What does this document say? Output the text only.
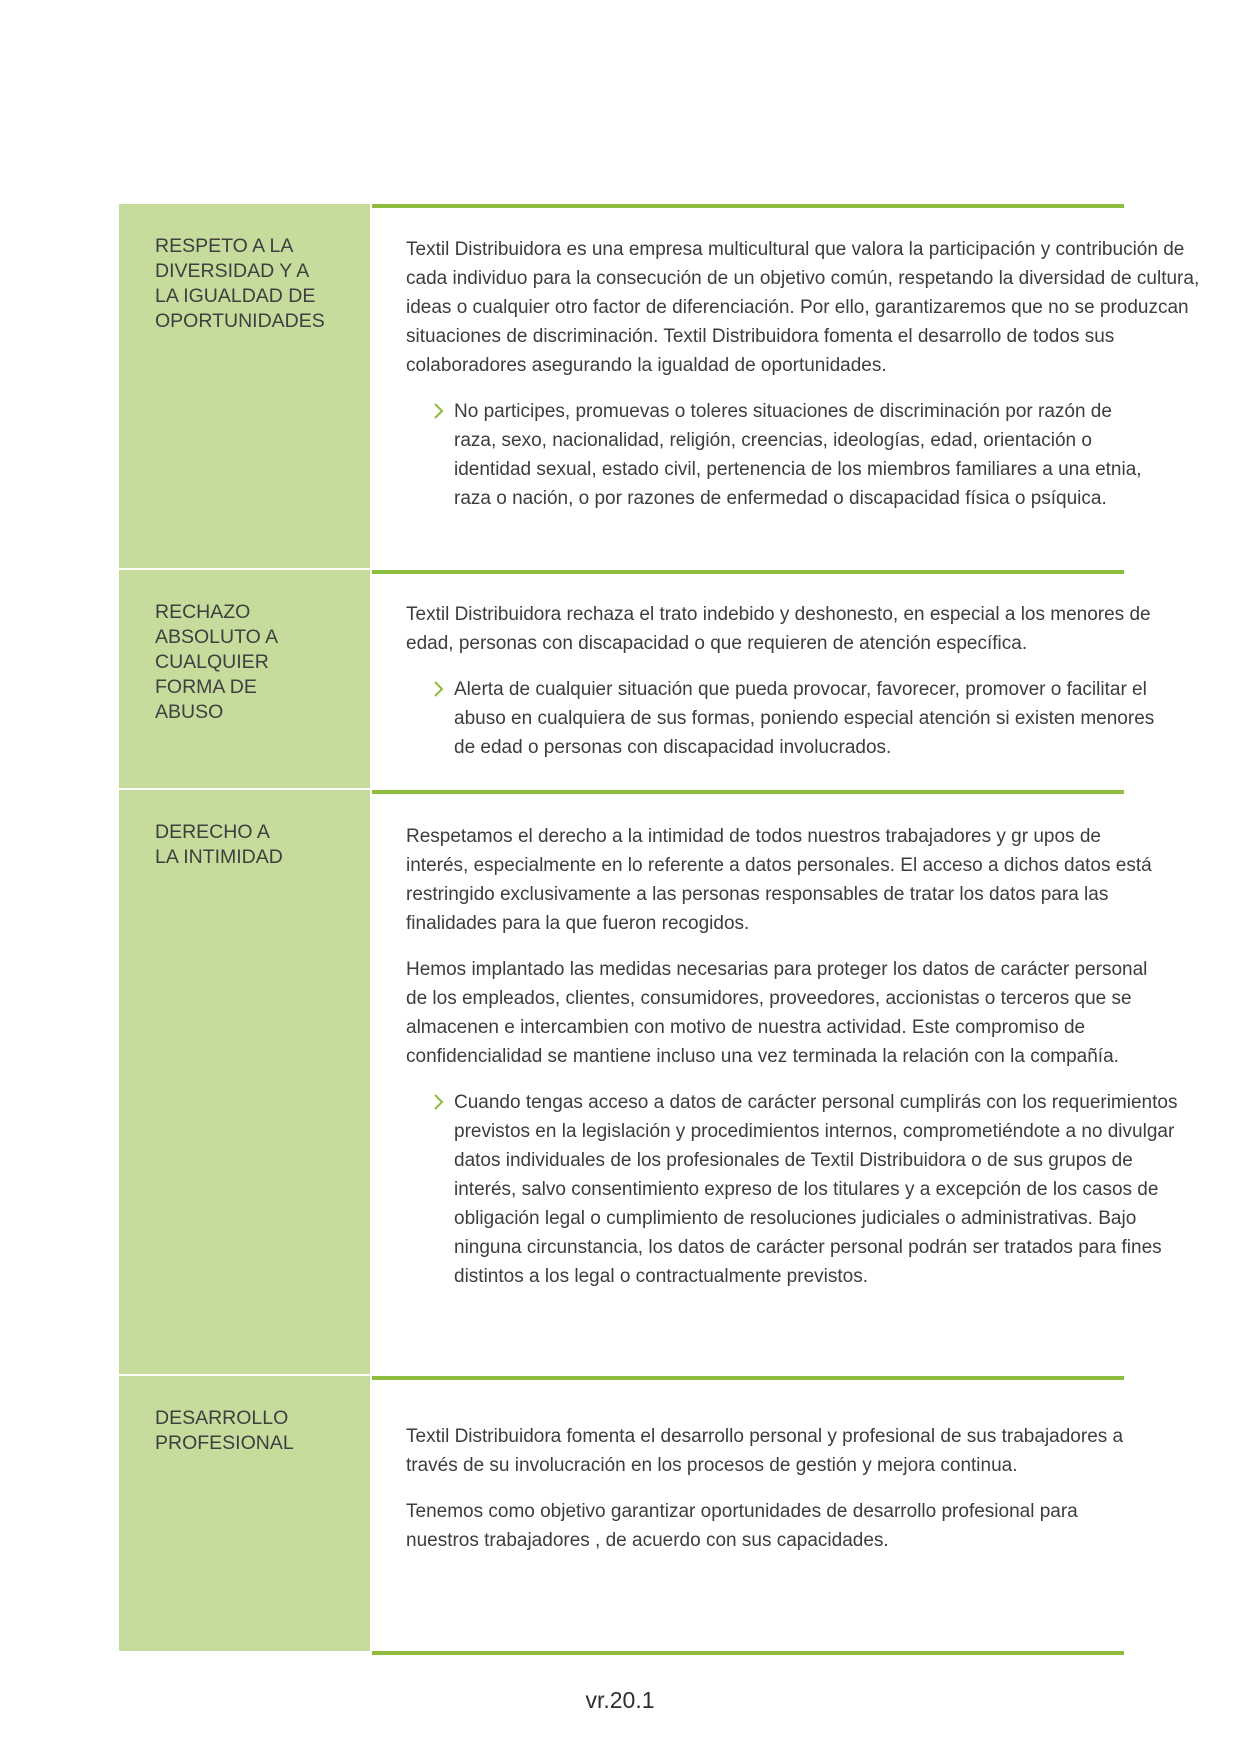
RESPETO A LA
DIVERSIDAD Y A
LA IGUALDAD DE
OPORTUNIDADES

Textil Distribuidora es una empresa multicultural que valora la participación y contribución de cada individuo para la consecución de un objetivo común, respetando la diversidad de cultura, ideas o cualquier otro factor de diferenciación. Por ello, garantizaremos que no se produzcan situaciones de discriminación. Textil Distribuidora fomenta el desarrollo de todos sus colaboradores asegurando la igualdad de oportunidades.

No participes, promuevas o toleres situaciones de discriminación por razón de raza, sexo, nacionalidad, religión, creencias, ideologías, edad, orientación o identidad sexual, estado civil, pertenencia de los miembros familiares a una etnia, raza o nación, o por razones de enfermedad o discapacidad física o psíquica.
RECHAZO
ABSOLUTO A
CUALQUIER
FORMA DE
ABUSO

Textil Distribuidora rechaza el trato indebido y deshonesto, en especial a los menores de edad, personas con discapacidad o que requieren de atención específica.

Alerta de cualquier situación que pueda provocar, favorecer, promover o facilitar el abuso en cualquiera de sus formas, poniendo especial atención si existen menores de edad o personas con discapacidad involucrados.
DERECHO A
LA INTIMIDAD

Respetamos el derecho a la intimidad de todos nuestros trabajadores y gr upos de interés, especialmente en lo referente a datos personales. El acceso a dichos datos está restringido exclusivamente a las personas responsables de tratar los datos para las finalidades para la que fueron recogidos.

Hemos implantado las medidas necesarias para proteger los datos de carácter personal de los empleados, clientes, consumidores, proveedores, accionistas o terceros que se almacenen e intercambien con motivo de nuestra actividad. Este compromiso de confidencialidad se mantiene incluso una vez terminada la relación con la compañía.

Cuando tengas acceso a datos de carácter personal cumplirás con los requerimientos previstos en la legislación y procedimientos internos, comprometiéndote a no divulgar datos individuales de los profesionales de Textil Distribuidora o de sus grupos de interés, salvo consentimiento expreso de los titulares y a excepción de los casos de obligación legal o cumplimiento de resoluciones judiciales o administrativas. Bajo ninguna circunstancia, los datos de carácter personal podrán ser tratados para fines distintos a los legal o contractualmente previstos.
DESARROLLO
PROFESIONAL	Textil Distribuidora fomenta el desarrollo personal y profesional de sus trabajadores a través de su involucración en los procesos de gestión y mejora continua.

Tenemos como objetivo garantizar oportunidades de desarrollo profesional para nuestros trabajadores , de acuerdo con sus capacidades.

vr.20.1
